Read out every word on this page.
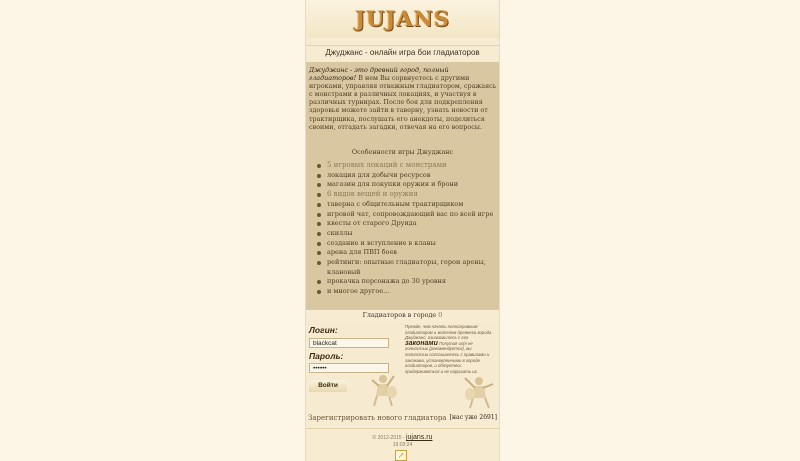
JUJANS
Джуджанс - онлайн игра бои гладиаторов
Джуджанс - это древний город, полный гладиаторов! В нем Вы сорвнуетесь с другими игроками, управляя отважным гладиатором, сражаясь с монстрами в различных локациях, и участвуя в различных турнирах. После боя для подкрепления здоровья можете зайти в таверну, узнать новости от трактирщика, послушать его анекдоты, поделиться своими, отгадать загадки, отвечая на его вопросы.
Особенности игры Джуджанс
5 игровых локаций с монстрами
локация для добычи ресурсов
магазин для покупки оружия и брони
6 видов вещей и оружия
таверна с общительным трактирщиком
игровой чат, сопровождающий вас по всей игре
квесты от старого Друида
скиллы
создание и вступление в кланы
арена для ПВП боев
рейтинги: опытные гладиаторы, герои арены, клановый
прокачка персонажа до 30 уровня
и многое другое...
Гладиаторов в городе 0
Логин:
blackcat
Пароль:
••••••
Войти
Прежде, чем начать полноправным гладиатором и жителем древнего города Джуджанс, ознакомьтесь с его законами Попутая их(я не полностью (рекомендуется), вы полностью соглашаетесь с правилами и законами, установленными в городе гладиаторов, и обязуетесь придерживаться и не нарушать их.
Зарегистрировать нового гладиатора [нас уже 2691]
© 2012-2015 - jujans.ru
19:03:24
↗
